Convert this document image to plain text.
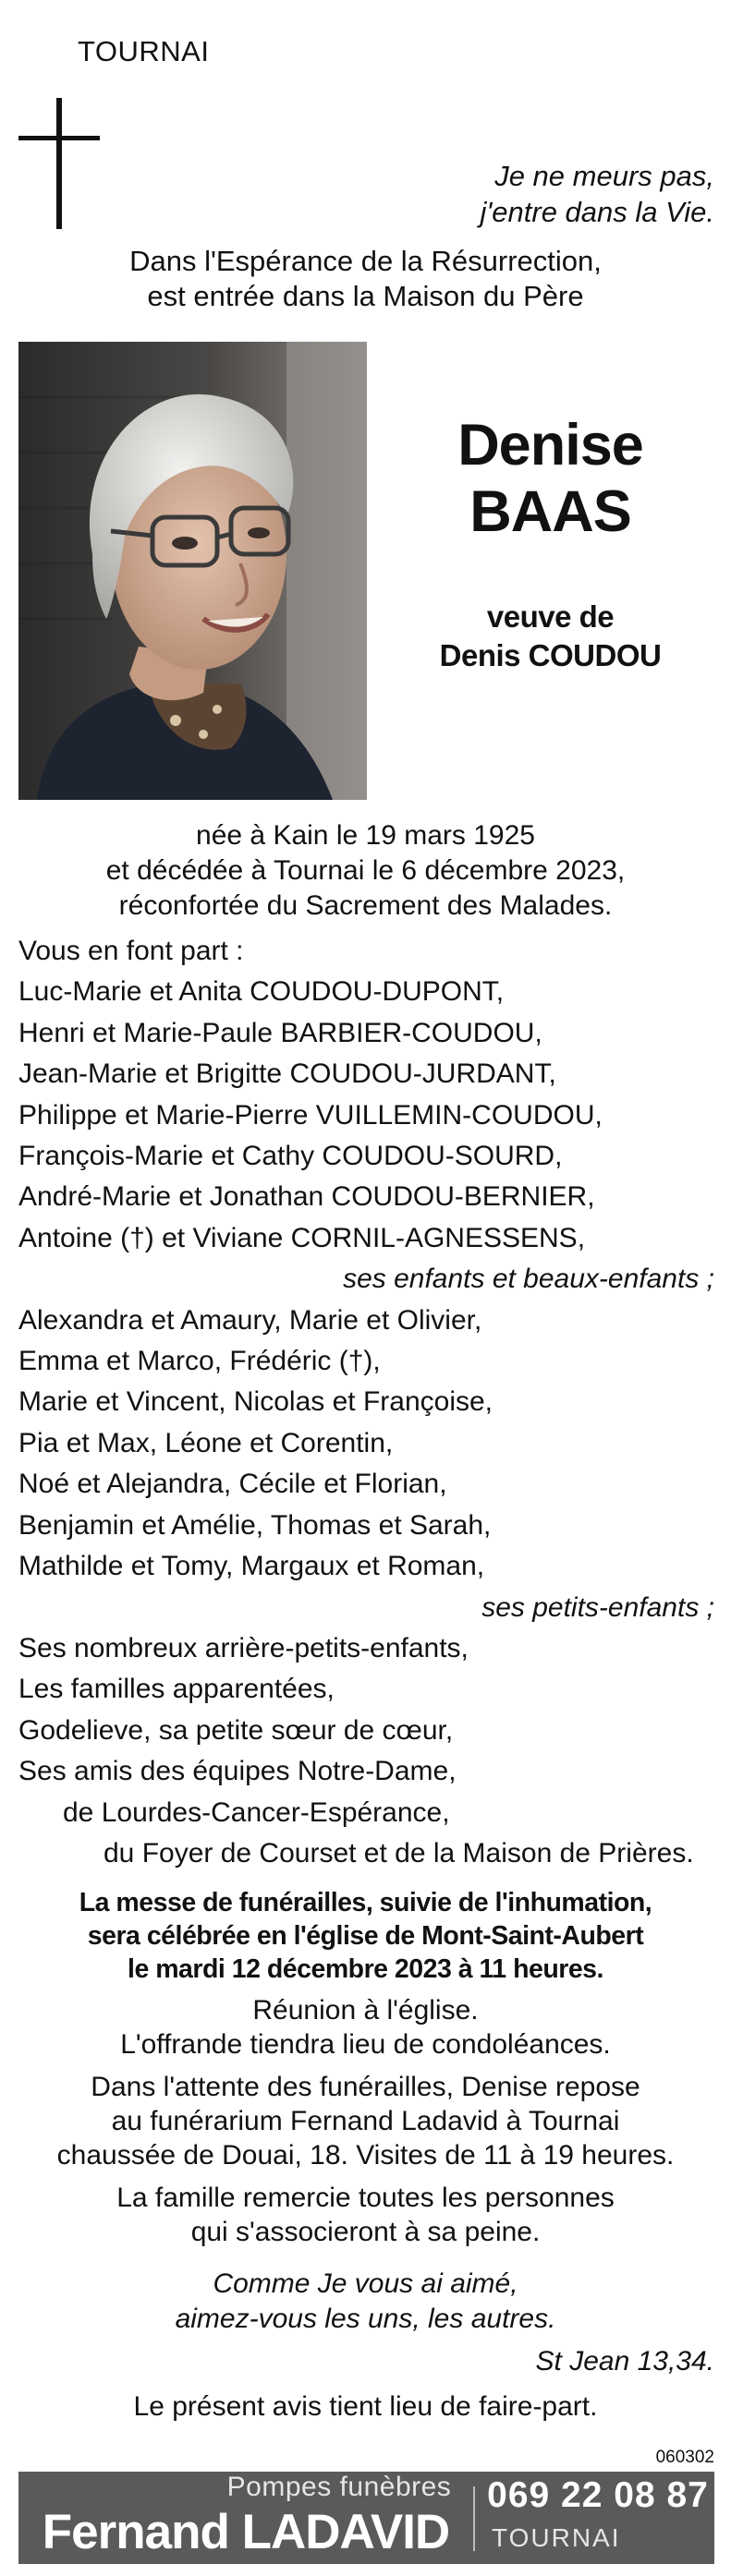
TOURNAI
Je ne meurs pas,
j'entre dans la Vie.
Dans l'Espérance de la Résurrection,
est entrée dans la Maison du Père
Denise
BAAS
veuve de
Denis COUDOU
née à Kain le 19 mars 1925
et décédée à Tournai le 6 décembre 2023,
réconfortée du Sacrement des Malades.
Vous en font part :
Luc-Marie et Anita COUDOU-DUPONT,
Henri et Marie-Paule BARBIER-COUDOU,
Jean-Marie et Brigitte COUDOU-JURDANT,
Philippe et Marie-Pierre VUILLEMIN-COUDOU,
François-Marie et Cathy COUDOU-SOURD,
André-Marie et Jonathan COUDOU-BERNIER,
Antoine (†) et Viviane CORNIL-AGNESSENS,
ses enfants et beaux-enfants ;
Alexandra et Amaury, Marie et Olivier,
Emma et Marco, Frédéric (†),
Marie et Vincent, Nicolas et Françoise,
Pia et Max, Léone et Corentin,
Noé et Alejandra, Cécile et Florian,
Benjamin et Amélie, Thomas et Sarah,
Mathilde et Tomy, Margaux et Roman,
ses petits-enfants ;
Ses nombreux arrière-petits-enfants,
Les familles apparentées,
Godelieve, sa petite sœur de cœur,
Ses amis des équipes Notre-Dame,
de Lourdes-Cancer-Espérance,
du Foyer de Courset et de la Maison de Prières.
La messe de funérailles, suivie de l'inhumation,
sera célébrée en l'église de Mont-Saint-Aubert
le mardi 12 décembre 2023 à 11 heures.
Réunion à l'église.
L'offrande tiendra lieu de condoléances.
Dans l'attente des funérailles, Denise repose
au funérarium Fernand Ladavid à Tournai
chaussée de Douai, 18. Visites de 11 à 19 heures.
La famille remercie toutes les personnes
qui s'associeront à sa peine.
Comme Je vous ai aimé,
aimez-vous les uns, les autres.
St Jean 13,34.
Le présent avis tient lieu de faire-part.
060302
Pompes funèbres
Fernand LADAVID
069 22 08 87
TOURNAI
